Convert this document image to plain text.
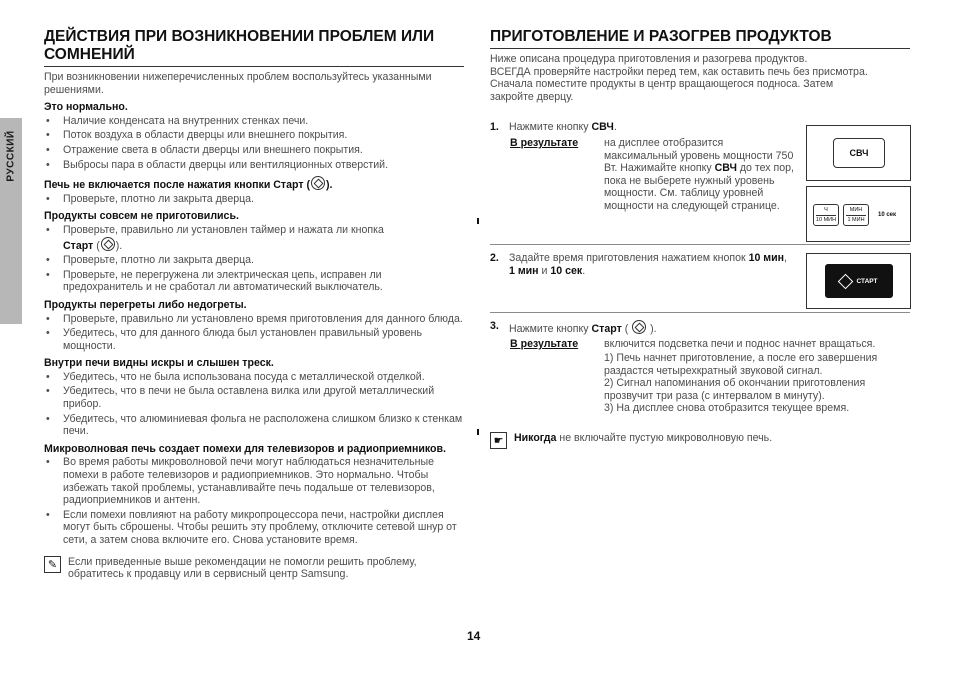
РУССКИЙ
ДЕЙСТВИЯ ПРИ ВОЗНИКНОВЕНИИ ПРОБЛЕМ ИЛИ СОМНЕНИЙ

При возникновении нижеперечисленных проблем воспользуйтесь указанными решениями.

Это нормально.

• Наличие конденсата на внутренних стенках печи.
• Поток воздуха в области дверцы или внешнего покрытия.
• Отражение света в области дверцы или внешнего покрытия.
• Выбросы пара в области дверцы или вентиляционных отверстий.

Печь не включается после нажатия кнопки Старт ( ).

• Проверьте, плотно ли закрыта дверца.

Продукты совсем не приготовились.

• Проверьте, правильно ли установлен таймер и нажата ли кнопка
Старт ( ).
• Проверьте, плотно ли закрыта дверца.
• Проверьте, не перегружена ли электрическая цепь, исправен ли предохранитель и не сработал ли автоматический выключатель.

Продукты перегреты либо недогреты.

• Проверьте, правильно ли установлено время приготовления для данного блюда.
• Убедитесь, что для данного блюда был установлен правильный уровень мощности.

Внутри печи видны искры и слышен треск.

• Убедитесь, что не была использована посуда с металлической отделкой.
• Убедитесь, что в печи не была оставлена вилка или другой металлический прибор.
• Убедитесь, что алюминиевая фольга не расположена слишком близко к стенкам печи.

Микроволновая печь создает помехи для телевизоров и радиоприемников.

• Во время работы микроволновой печи могут наблюдаться незначительные помехи в работе телевизоров и радиоприемников. Это нормально. Чтобы избежать такой проблемы, устанавливайте печь подальше от телевизоров, радиоприемников и антенн.
• Если помехи повлияют на работу микропроцессора печи, настройки дисплея могут быть сброшены. Чтобы решить эту проблему, отключите сетевой шнур от сети, а затем снова включите его. Снова установите время.
✎	Если приведенные выше рекомендации не помогли решить проблему, обратитесь к продавцу или в сервисный центр Samsung.

ПРИГОТОВЛЕНИЕ И РАЗОГРЕВ ПРОДУКТОВ

Ниже описана процедура приготовления и разогрева продуктов.

ВСЕГДА проверяйте настройки перед тем, как оставить печь без присмотра.

Сначала поместите продукты в центр вращающегося подноса. Затем закройте дверцу.

1. Нажмите кнопку СВЧ.

В результате на дисплее отобразится максимальный уровень мощности 750 Вт. Нажимайте кнопку СВЧ до тех пор, пока не выберете нужный уровень мощности. См. таблицу уровней мощности на следующей странице.

СВЧ
Ч
10 МИН
МИН
1 МИН
10 сек
2. Задайте время приготовления нажатием кнопок 10 мин, 1 мин и 10 сек.

СТАРТ
3. Нажмите кнопку Старт (  ).

В результате включится подсветка печи и поднос начнет вращаться.

1) Печь начнет приготовление, а после его завершения раздастся четырехкратный звуковой сигнал.
2) Сигнал напоминания об окончании приготовления прозвучит три раза (с интервалом в минуту).
3) На дисплее снова отобразится текущее время.
☛ Никогда не включайте пустую микроволновую печь.

14
